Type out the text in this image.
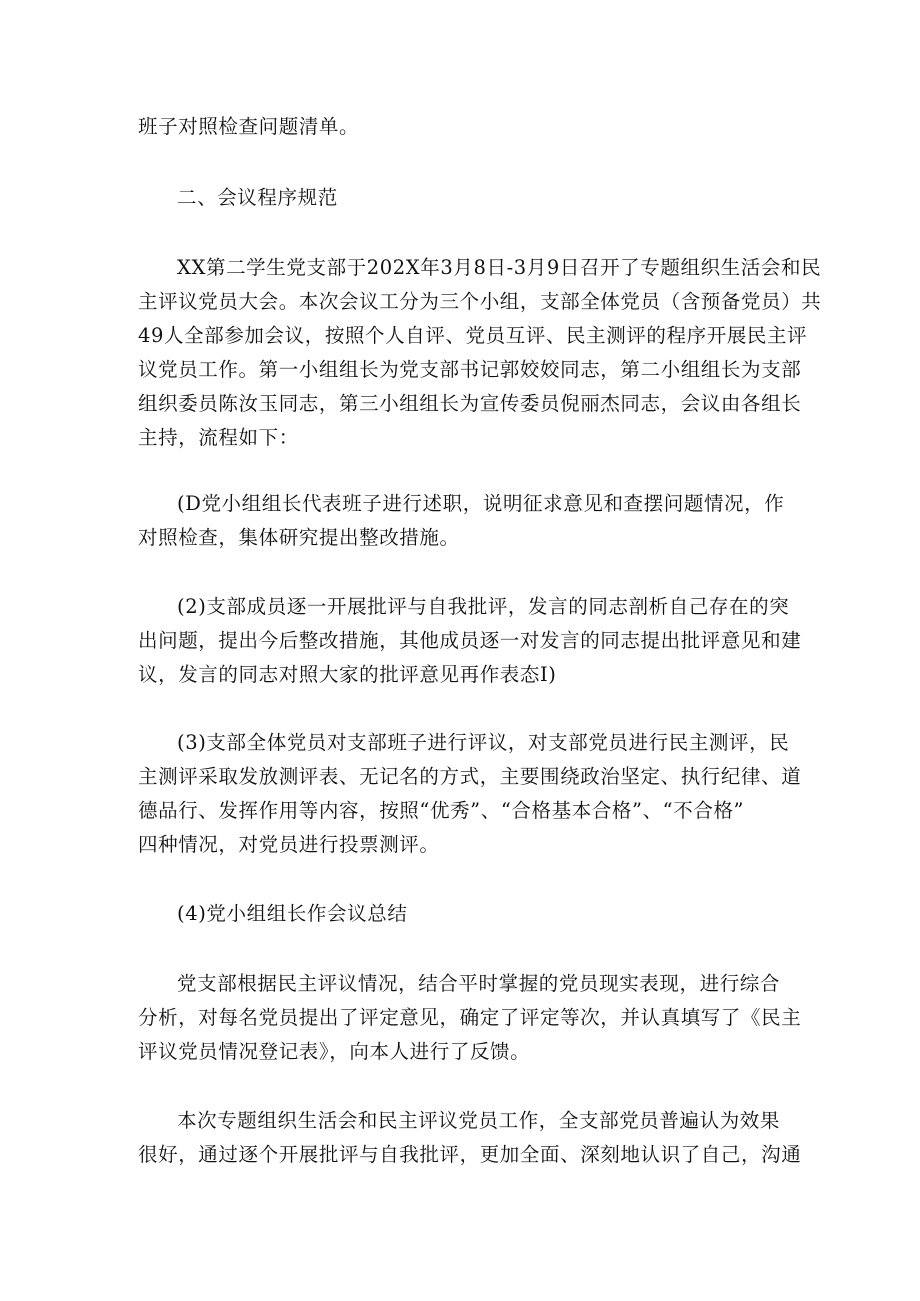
班子对照检查问题清单。
二、会议程序规范
XX第二学生党支部于202X年3月8日-3月9日召开了专题组织生活会和民
主评议党员大会。本次会议工分为三个小组，支部全体党员（含预备党员）共
49人全部参加会议，按照个人自评、党员互评、民主测评的程序开展民主评
议党员工作。第一小组组长为党支部书记郭姣姣同志，第二小组组长为支部
组织委员陈汝玉同志，第三小组组长为宣传委员倪丽杰同志，会议由各组长
主持，流程如下：
(D党小组组长代表班子进行述职，说明征求意见和查摆问题情况，作
对照检查，集体研究提出整改措施。
(2)支部成员逐一开展批评与自我批评，发言的同志剖析自己存在的突
出问题，提出今后整改措施，其他成员逐一对发言的同志提出批评意见和建
议，发言的同志对照大家的批评意见再作表态I)
(3)支部全体党员对支部班子进行评议，对支部党员进行民主测评，民
主测评采取发放测评表、无记名的方式，主要围绕政治坚定、执行纪律、道
德品行、发挥作用等内容，按照“优秀”、“合格基本合格”、“不合格”
四种情况，对党员进行投票测评。
(4)党小组组长作会议总结
党支部根据民主评议情况，结合平时掌握的党员现实表现，进行综合
分析，对每名党员提出了评定意见，确定了评定等次，并认真填写了《民主
评议党员情况登记表》，向本人进行了反馈。
本次专题组织生活会和民主评议党员工作，全支部党员普遍认为效果
很好，通过逐个开展批评与自我批评，更加全面、深刻地认识了自己，沟通
